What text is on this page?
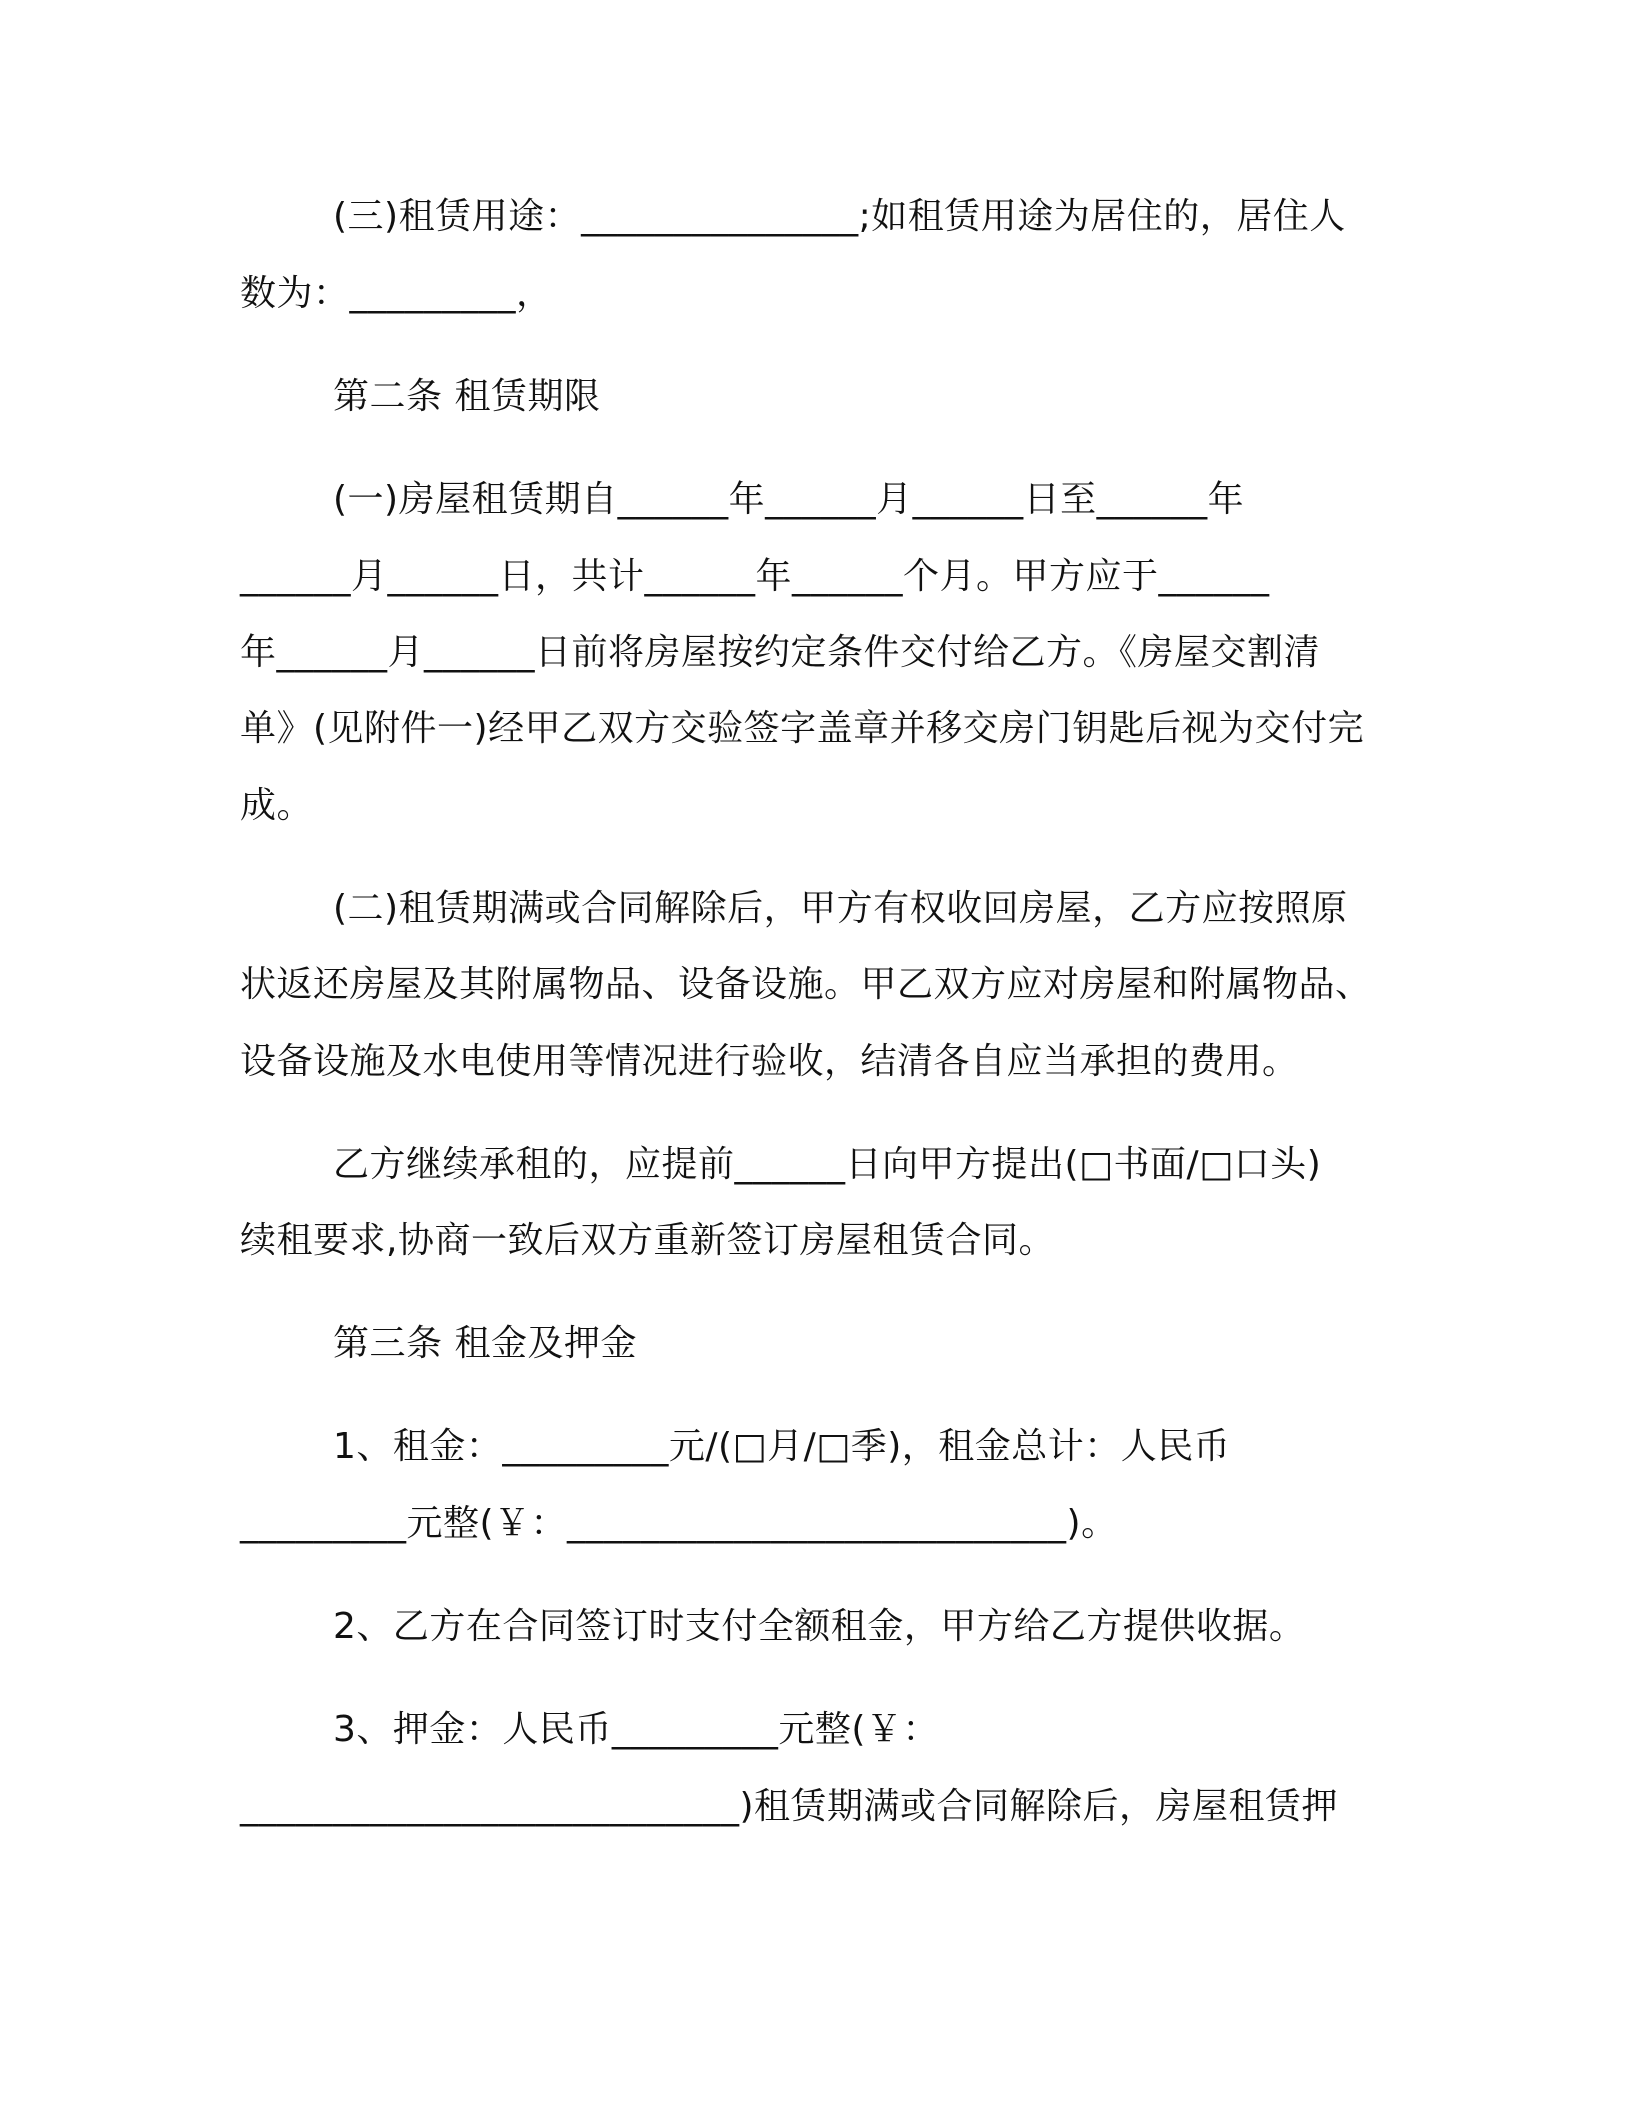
(三)租赁用途：_______________;如租赁用途为居住的，居住人

数为：_________，

第二条 租赁期限

(一)房屋租赁期自______年______月______日至______年

______月______日，共计______年______个月。甲方应于______

年______月______日前将房屋按约定条件交付给乙方。《房屋交割清

单》(见附件一)经甲乙双方交验签字盖章并移交房门钥匙后视为交付完

成。

(二)租赁期满或合同解除后，甲方有权收回房屋，乙方应按照原

状返还房屋及其附属物品、设备设施。甲乙双方应对房屋和附属物品、

设备设施及水电使用等情况进行验收，结清各自应当承担的费用。

乙方继续承租的，应提前______日向甲方提出(□书面/□口头)

续租要求,协商一致后双方重新签订房屋租赁合同。

第三条 租金及押金

1、租金：_________元/(□月/□季)，租金总计：人民币

_________元整(￥：___________________________)。

2、乙方在合同签订时支付全额租金，甲方给乙方提供收据。

3、押金：人民币_________元整(￥：

___________________________)租赁期满或合同解除后，房屋租赁押
